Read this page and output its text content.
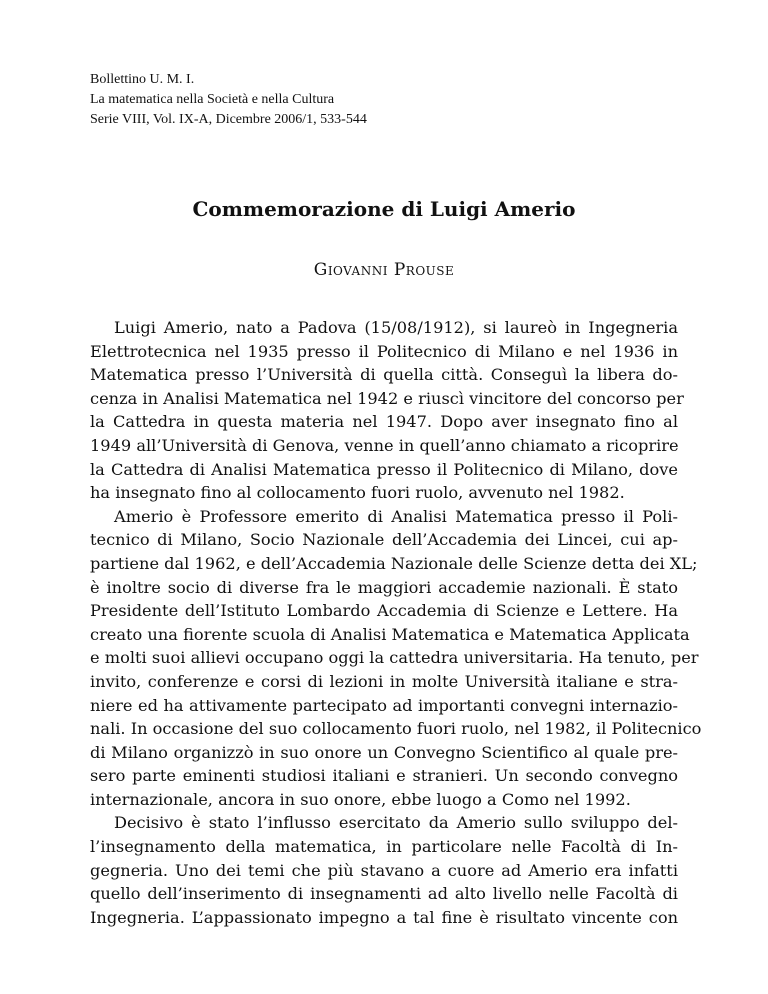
Bollettino U. M. I.
La matematica nella Società e nella Cultura
Serie VIII, Vol. IX-A, Dicembre 2006/1, 533-544
Commemorazione di Luigi Amerio
Giovanni Prouse
Luigi Amerio, nato a Padova (15/08/1912), si laureò in Ingegneria
Elettrotecnica nel 1935 presso il Politecnico di Milano e nel 1936 in
Matematica presso l’Università di quella città. Conseguì la libera do-
cenza in Analisi Matematica nel 1942 e riuscì vincitore del concorso per
la Cattedra in questa materia nel 1947. Dopo aver insegnato fino al
1949 all’Università di Genova, venne in quell’anno chiamato a ricoprire
la Cattedra di Analisi Matematica presso il Politecnico di Milano, dove
ha insegnato fino al collocamento fuori ruolo, avvenuto nel 1982.
Amerio è Professore emerito di Analisi Matematica presso il Poli-
tecnico di Milano, Socio Nazionale dell’Accademia dei Lincei, cui ap-
partiene dal 1962, e dell’Accademia Nazionale delle Scienze detta dei XL;
è inoltre socio di diverse fra le maggiori accademie nazionali. È stato
Presidente dell’Istituto Lombardo Accademia di Scienze e Lettere. Ha
creato una fiorente scuola di Analisi Matematica e Matematica Applicata
e molti suoi allievi occupano oggi la cattedra universitaria. Ha tenuto, per
invito, conferenze e corsi di lezioni in molte Università italiane e stra-
niere ed ha attivamente partecipato ad importanti convegni internazio-
nali. In occasione del suo collocamento fuori ruolo, nel 1982, il Politecnico
di Milano organizzò in suo onore un Convegno Scientifico al quale pre-
sero parte eminenti studiosi italiani e stranieri. Un secondo convegno
internazionale, ancora in suo onore, ebbe luogo a Como nel 1992.
Decisivo è stato l’influsso esercitato da Amerio sullo sviluppo del-
l’insegnamento della matematica, in particolare nelle Facoltà di In-
gegneria. Uno dei temi che più stavano a cuore ad Amerio era infatti
quello dell’inserimento di insegnamenti ad alto livello nelle Facoltà di
Ingegneria. L’appassionato impegno a tal fine è risultato vincente con
